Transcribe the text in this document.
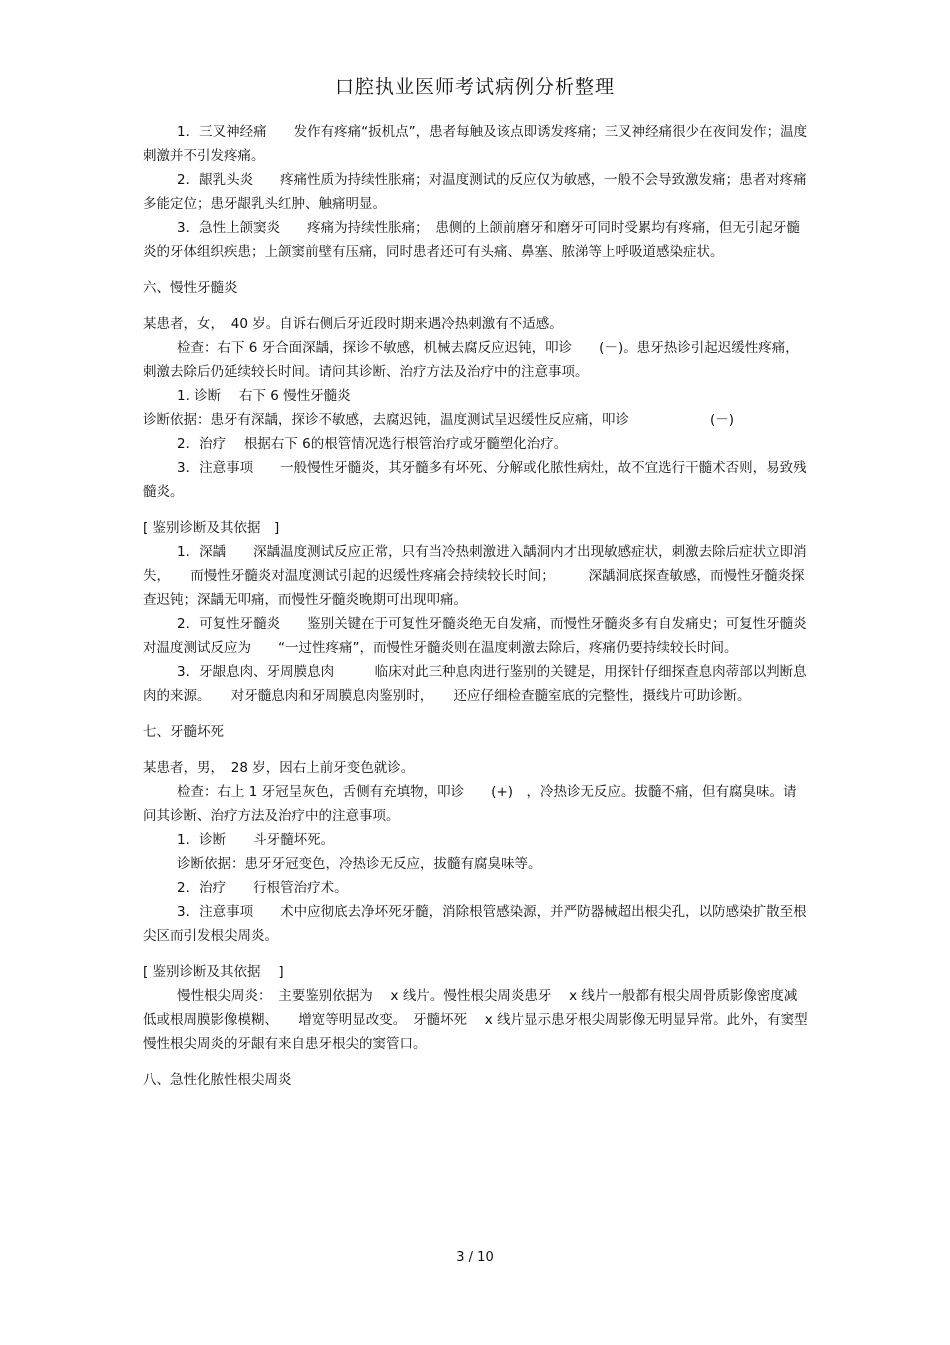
口腔执业医师考试病例分析整理

1．三叉神经痛　　发作有疼痛“扳机点”，患者每触及该点即诱发疼痛；三叉神经痛很少在夜间发作；温度刺激并不引发疼痛。

2．龈乳头炎　　疼痛性质为持续性胀痛；对温度测试的反应仅为敏感，一般不会导致激发痛；患者对疼痛多能定位；患牙龈乳头红肿、触痛明显。

3．急性上颌窦炎　　疼痛为持续性胀痛；　患侧的上颌前磨牙和磨牙可同时受累均有疼痛，但无引起牙髓炎的牙体组织疾患；上颌窦前壁有压痛，同时患者还可有头痛、鼻塞、脓涕等上呼吸道感染症状。

六、慢性牙髓炎

某患者，女，　40 岁。自诉右侧后牙近段时期来遇冷热刺激有不适感。

检查：右下 6 牙合面深龋，探诊不敏感，机械去腐反应迟钝，叩诊　　(－)。患牙热诊引起迟缓性疼痛，刺激去除后仍延续较长时间。请问其诊断、治疗方法及治疗中的注意事项。

1. 诊断　 右下 6 慢性牙髓炎

诊断依据：患牙有深龋，探诊不敏感，去腐迟钝，温度测试呈迟缓性反应痛，叩诊　　　　　　(－)

2．治疗　 根据右下 6的根管情况选行根管治疗或牙髓塑化治疗。

3．注意事项　　一般慢性牙髓炎，其牙髓多有坏死、分解或化脓性病灶，故不宜选行干髓术否则，易致残髓炎。

[ 鉴别诊断及其依据　]

1．深龋　　深龋温度测试反应正常，只有当冷热刺激进入龋洞内才出现敏感症状，刺激去除后症状立即消失，　　而慢性牙髓炎对温度测试引起的迟缓性疼痛会持续较长时间；　　　深龋洞底探查敏感，而慢性牙髓炎探查迟钝；深龋无叩痛，而慢性牙髓炎晚期可出现叩痛。

2．可复性牙髓炎　　鉴别关键在于可复性牙髓炎绝无自发痛，而慢性牙髓炎多有自发痛史；可复性牙髓炎对温度测试反应为　　“一过性疼痛”，而慢性牙髓炎则在温度刺激去除后，疼痛仍要持续较长时间。

3．牙龈息肉、牙周膜息肉　　　临床对此三种息肉进行鉴别的关键是，用探针仔细探查息肉蒂部以判断息肉的来源。　　对牙髓息肉和牙周膜息肉鉴别时，　　还应仔细检查髓室底的完整性，摄线片可助诊断。

七、牙髓坏死

某患者，男，　28 岁，因右上前牙变色就诊。

检查：右上 1 牙冠呈灰色，舌侧有充填物，叩诊　　(+)　，冷热诊无反应。拔髓不痛，但有腐臭味。请问其诊断、治疗方法及治疗中的注意事项。

1．诊断　　斗牙髓坏死。

诊断依据：患牙牙冠变色，冷热诊无反应，拔髓有腐臭味等。

2．治疗　　行根管治疗术。

3．注意事项　　术中应彻底去净坏死牙髓，消除根管感染源，并严防器械超出根尖孔，以防感染扩散至根尖区而引发根尖周炎。

[ 鉴别诊断及其依据　 ]

慢性根尖周炎：　主要鉴别依据为　 x 线片。慢性根尖周炎患牙　 x 线片一般都有根尖周骨质影像密度减低或根周膜影像模糊、　　增宽等明显改变。　牙髓坏死　 x 线片显示患牙根尖周影像无明显异常。此外，有窦型慢性根尖周炎的牙龈有来自患牙根尖的窦管口。

八、急性化脓性根尖周炎

3 / 10
